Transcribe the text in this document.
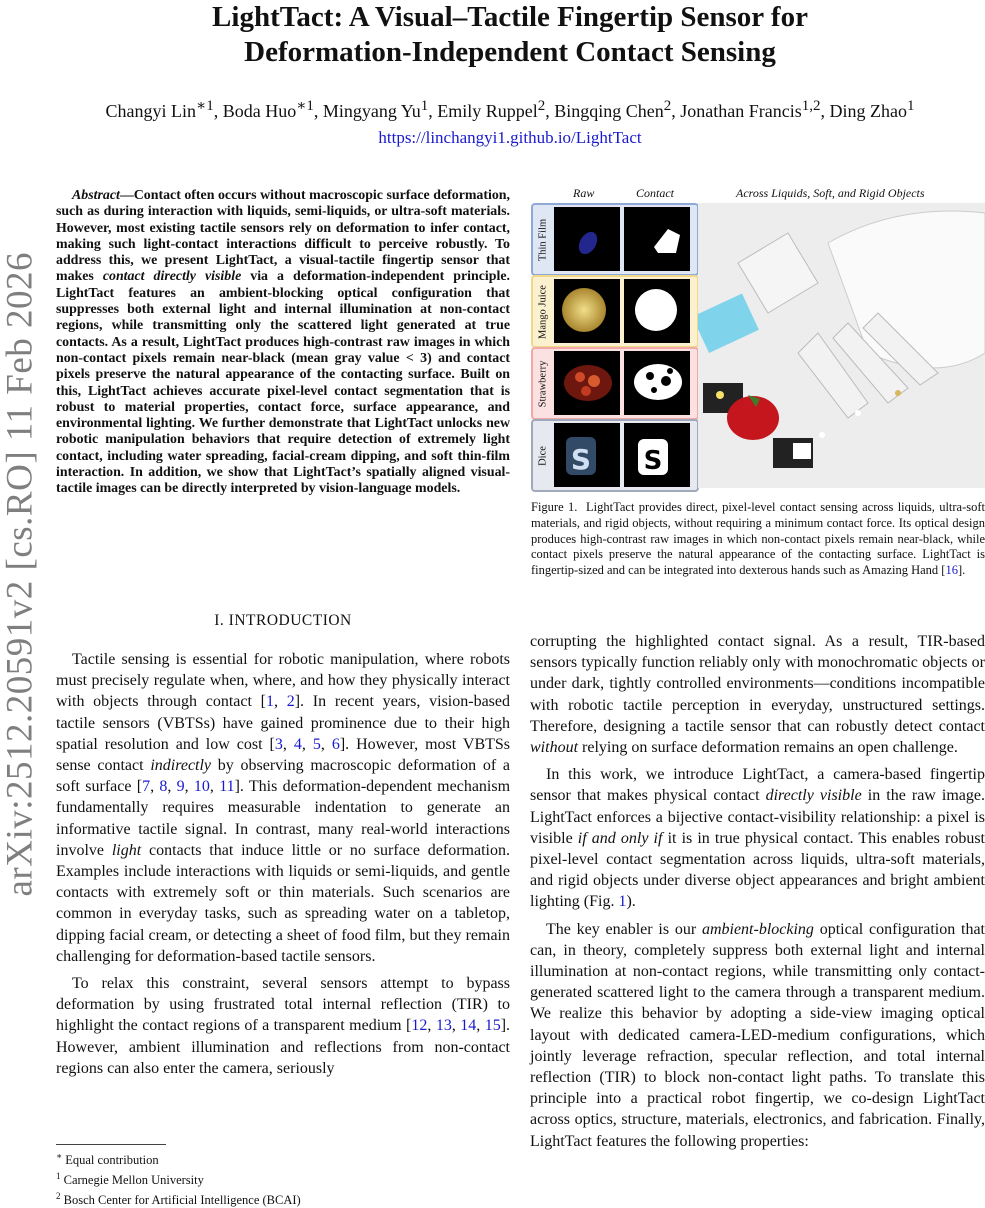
arXiv:2512.20591v2 [cs.RO] 11 Feb 2026
LightTact: A Visual–Tactile Fingertip Sensor for
Deformation-Independent Contact Sensing
Changyi Lin$^{∗1}$, Boda Huo$^{∗1}$, Mingyang Yu$^1$, Emily Ruppel$^2$, Bingqing Chen$^2$, Jonathan Francis$^{1,2}$, Ding Zhao$^1$
https://linchangyi1.github.io/LightTact
Abstract—Contact often occurs without macroscopic surface deformation, such as during interaction with liquids, semi-liquids, or ultra-soft materials. However, most existing tactile sensors rely on deformation to infer contact, making such light-contact interactions difficult to perceive robustly. To address this, we present LightTact, a visual-tactile fingertip sensor that makes contact directly visible via a deformation-independent principle. LightTact features an ambient-blocking optical configuration that suppresses both external light and internal illumination at non-contact regions, while transmitting only the scattered light generated at true contacts. As a result, LightTact produces high-contrast raw images in which non-contact pixels remain near-black (mean gray value < 3) and contact pixels preserve the natural appearance of the contacting surface. Built on this, LightTact achieves accurate pixel-level contact segmentation that is robust to material properties, contact force, surface appearance, and environmental lighting. We further demonstrate that LightTact unlocks new robotic manipulation behaviors that require detection of extremely light contact, including water spreading, facial-cream dipping, and soft thin-film interaction. In addition, we show that LightTact’s spatially aligned visual-tactile images can be directly interpreted by vision-language models.
I. INTRODUCTION

Tactile sensing is essential for robotic manipulation, where robots must precisely regulate when, where, and how they physically interact with objects through contact [1, 2]. In recent years, vision-based tactile sensors (VBTSs) have gained prominence due to their high spatial resolution and low cost [3, 4, 5, 6]. However, most VBTSs sense contact indirectly by observing macroscopic deformation of a soft surface [7, 8, 9, 10, 11]. This deformation-dependent mechanism fundamentally requires measurable indentation to generate an informative tactile signal. In contrast, many real-world interactions involve light contacts that induce little or no surface deformation. Examples include interactions with liquids or semi-liquids, and gentle contacts with extremely soft or thin materials. Such scenarios are common in everyday tasks, such as spreading water on a tabletop, dipping facial cream, or detecting a sheet of food film, but they remain challenging for deformation-based tactile sensors.

To relax this constraint, several sensors attempt to bypass deformation by using frustrated total internal reflection (TIR) to highlight the contact regions of a transparent medium [12, 13, 14, 15]. However, ambient illumination and reflections from non-contact regions can also enter the camera, seriously

∗ Equal contribution
$^1$ Carnegie Mellon University
$^2$ Bosch Center for Artificial Intelligence (BCAI)

corrupting the highlighted contact signal. As a result, TIR-based sensors typically function reliably only with monochromatic objects or under dark, tightly controlled environments—conditions incompatible with robotic tactile perception in everyday, unstructured settings. Therefore, designing a tactile sensor that can robustly detect contact without relying on surface deformation remains an open challenge.

In this work, we introduce LightTact, a camera-based fingertip sensor that makes physical contact directly visible in the raw image. LightTact enforces a bijective contact-visibility relationship: a pixel is visible if and only if it is in true physical contact. This enables robust pixel-level contact segmentation across liquids, ultra-soft materials, and rigid objects under diverse object appearances and bright ambient lighting (Fig. 1).

The key enabler is our ambient-blocking optical configuration that can, in theory, completely suppress both external light and internal illumination at non-contact regions, while transmitting only contact-generated scattered light to the camera through a transparent medium. We realize this behavior by adopting a side-view imaging optical layout with dedicated camera-LED-medium configurations, which jointly leverage refraction, specular reflection, and total internal reflection (TIR) to block non-contact light paths. To translate this principle into a practical robot fingertip, we co-design LightTact across optics, structure, materials, electronics, and fabrication. Finally, LightTact features the following properties:

Raw	Contact	Across Liquids, Soft, and Rigid Objects
Thin Film
Mango Juice
Strawberry
Dice S S
Figure 1. LightTact provides direct, pixel-level contact sensing across liquids, ultra-soft materials, and rigid objects, without requiring a minimum contact force. Its optical design produces high-contrast raw images in which non-contact pixels remain near-black, while contact pixels preserve the natural appearance of the contacting surface. LightTact is fingertip-sized and can be integrated into dexterous hands such as Amazing Hand [16].
